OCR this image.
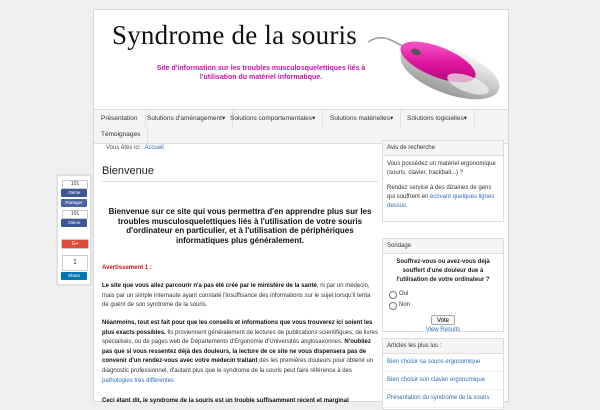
Syndrome de la souris
Site d'information sur les troubles musculosquelettiques liés à l'utilisation du matériel informatique.
Présentation	Solutions d'aménagement▾ Solutions comportementales▾	Solutions matérielles▾	Solutions logicielles▾
Témoignages
Vous êtes ici : Accueil
Bienvenue
Bienvenue sur ce site qui vous permettra d'en apprendre plus sur les troubles musculosquelettiques liés à l'utilisation de votre souris d'ordinateur en particulier, et à l'utilisation de périphériques informatiques plus généralement.
Avertissement 1 :
Le site que vous allez parcourir n'a pas été créé par le ministère de la santé, ni par un médecin, mais par un simple internaute ayant constaté l'insuffisance des informations sur le sujet lorsqu'il tenta de guérir de son syndrome de la souris.
Néanmoins, tout est fait pour que les conseils et informations que vous trouverez ici soient les plus exacts possibles. Ils proviennent généralement de lectures de publications scientifiques, de livres spécialisés, ou de pages web de Départements d'Ergonomie d'Universités anglosaxonnes. N'oubliez pas que si vous ressentez déjà des douleurs, la lecture de ce site ne vous dispensera pas de convenir d'un rendez-vous avec votre médecin traitant dès les premières douleurs pour obtenir un diagnostic professionnel, d'autant plus que le syndrome de la souris peut faire référence à des pathologies très différentes
Ceci étant dit, le syndrome de la souris est un trouble suffisamment récent et marginal
Avis de recherche
Vous possédez un matériel ergonomique (souris, clavier, trackball...) ?
Rendez service à des dizaines de gens qui souffrent en écrivant quelques lignes dessus.
Sondage
Souffrez-vous ou avez-vous déjà souffert d'une douleur due à l'utilisation de votre ordinateur ?
Oui
Non
Vote
View Results
Articles les plus lus :
Bien choisir sa souris ergonomique
Bien choisir son clavier ergonomique
Présentation du syndrome de la souris
101
J'aime
Partager
101
J'aime
G+
1
Share
